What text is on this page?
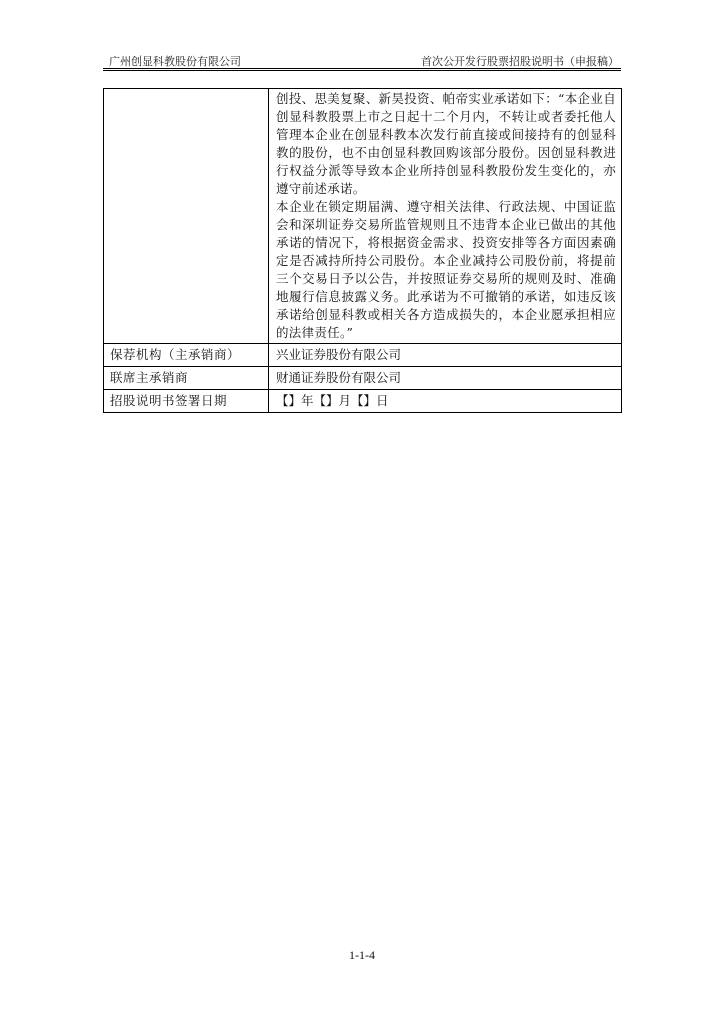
广州创显科教股份有限公司	首次公开发行股票招股说明书（申报稿）

	创投、思美复聚、新昊投资、帕帝实业承诺如下：“本企业自创显科教股票上市之日起十二个月内，不转让或者委托他人管理本企业在创显科教本次发行前直接或间接持有的创显科教的股份，也不由创显科教回购该部分股份。因创显科教进行权益分派等导致本企业所持创显科教股份发生变化的，亦遵守前述承诺。
本企业在锁定期届满、遵守相关法律、行政法规、中国证监会和深圳证券交易所监管规则且不违背本企业已做出的其他承诺的情况下，将根据资金需求、投资安排等各方面因素确定是否减持所持公司股份。本企业减持公司股份前，将提前三个交易日予以公告，并按照证券交易所的规则及时、准确地履行信息披露义务。此承诺为不可撤销的承诺，如违反该承诺给创显科教或相关各方造成损失的，本企业愿承担相应的法律责任。”

保荐机构（主承销商）	兴业证券股份有限公司
联席主承销商	财通证券股份有限公司
招股说明书签署日期	【】年【】月【】日
1-1-4
